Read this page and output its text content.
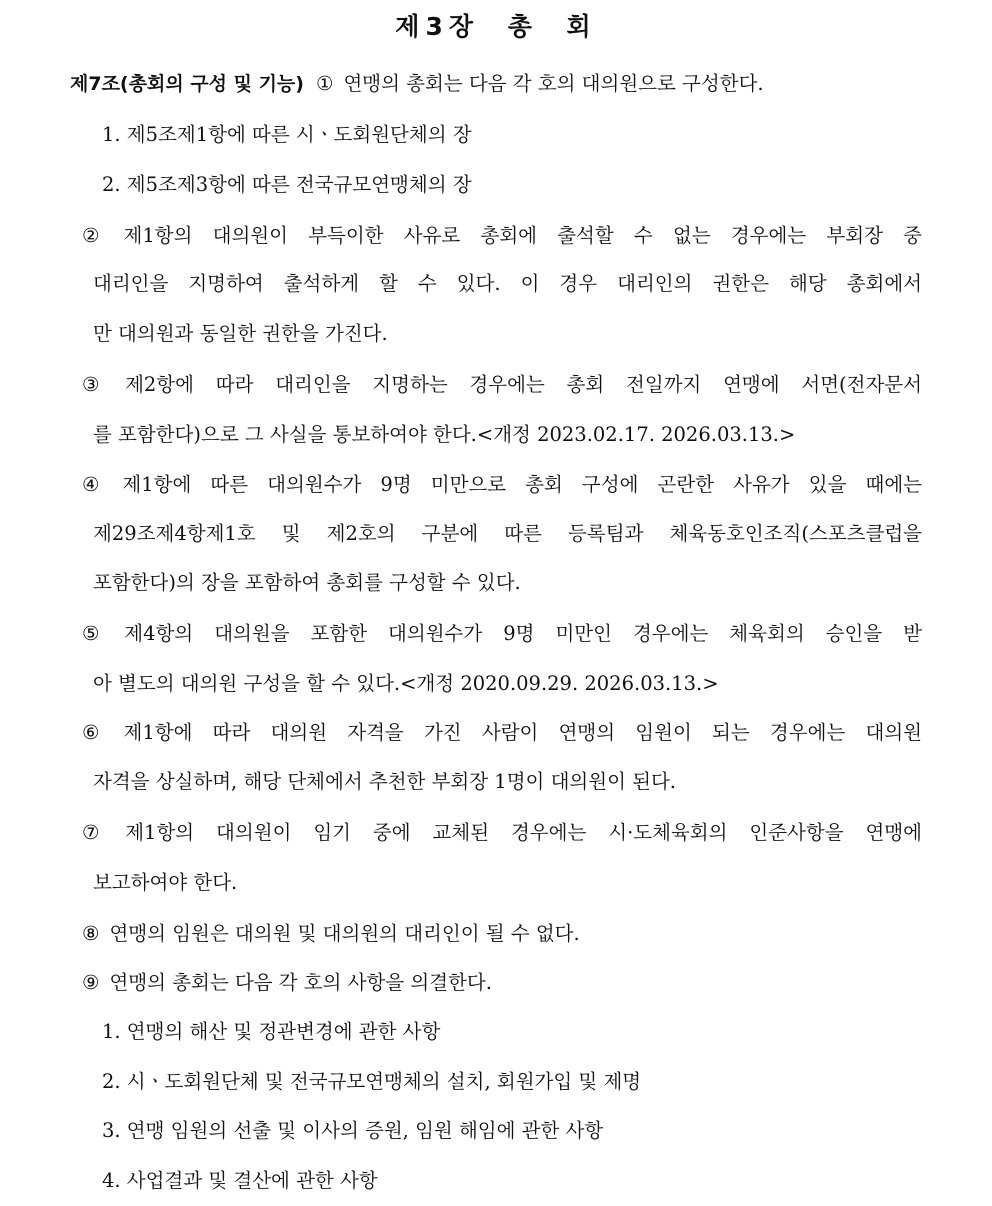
제3장 총 회

제7조(총회의 구성 및 기능) ① 연맹의 총회는 다음 각 호의 대의원으로 구성한다.

1. 제5조제1항에 따른 시ㆍ도회원단체의 장

2. 제5조제3항에 따른 전국규모연맹체의 장

② 제1항의 대의원이 부득이한 사유로 총회에 출석할 수 없는 경우에는 부회장 중

대리인을 지명하여 출석하게 할 수 있다. 이 경우 대리인의 권한은 해당 총회에서

만 대의원과 동일한 권한을 가진다.

③ 제2항에 따라 대리인을 지명하는 경우에는 총회 전일까지 연맹에 서면(전자문서

를 포함한다)으로 그 사실을 통보하여야 한다.<개정 2023.02.17. 2026.03.13.>

④ 제1항에 따른 대의원수가 9명 미만으로 총회 구성에 곤란한 사유가 있을 때에는

제29조제4항제1호 및 제2호의 구분에 따른 등록팀과 체육동호인조직(스포츠클럽을

포함한다)의 장을 포함하여 총회를 구성할 수 있다.

⑤ 제4항의 대의원을 포함한 대의원수가 9명 미만인 경우에는 체육회의 승인을 받

아 별도의 대의원 구성을 할 수 있다.<개정 2020.09.29. 2026.03.13.>

⑥ 제1항에 따라 대의원 자격을 가진 사람이 연맹의 임원이 되는 경우에는 대의원

자격을 상실하며, 해당 단체에서 추천한 부회장 1명이 대의원이 된다.

⑦ 제1항의 대의원이 임기 중에 교체된 경우에는 시·도체육회의 인준사항을 연맹에

보고하여야 한다.

⑧ 연맹의 임원은 대의원 및 대의원의 대리인이 될 수 없다.

⑨ 연맹의 총회는 다음 각 호의 사항을 의결한다.

1. 연맹의 해산 및 정관변경에 관한 사항

2. 시ㆍ도회원단체 및 전국규모연맹체의 설치, 회원가입 및 제명

3. 연맹 임원의 선출 및 이사의 증원, 임원 해임에 관한 사항

4. 사업결과 및 결산에 관한 사항
